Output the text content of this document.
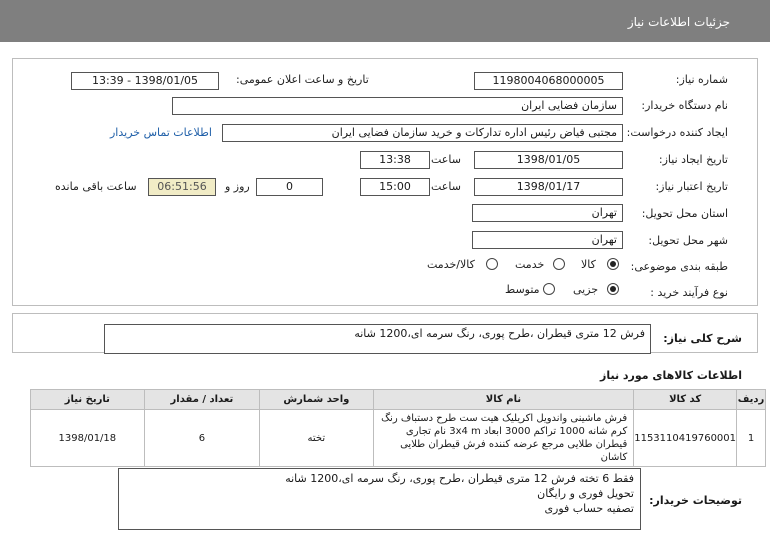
جزئیات اطلاعات نیاز
شماره نیاز:
1198004068000005
تاریخ و ساعت اعلان عمومی:
1398/01/05 - 13:39
نام دستگاه خریدار:
سازمان فضایی ایران
ایجاد کننده درخواست:
مجتبی فیاض رئیس اداره تداركات و خرید سازمان فضایی ایران
اطلاعات تماس خریدار
تاریخ ایجاد نیاز:
1398/01/05
ساعت
13:38
تاریخ اعتبار نیاز:
1398/01/17
ساعت
15:00
0
روز و
06:51:56
ساعت باقی مانده
استان محل تحویل:
تهران
شهر محل تحویل:
تهران
طبقه بندی موضوعی:
کالا
خدمت
کالا/خدمت
نوع فرآیند خرید :
جزیی
متوسط
شرح کلی نیاز:
فرش 12 متری قیطران ،طرح پوری، رنگ سرمه ای،1200 شانه
اطلاعات کالاهای مورد نیاز
ردیف	کد کالا	نام کالا	واحد شمارش	تعداد / مقدار	تاریخ نیاز
1	1153110419760001	فرش ماشینی واندویل اکریلیک هیت ست طرح دستباف رنگ کرم شانه 1000 تراکم 3000 ابعاد 3x4 m نام تجاری قیطران طلایی مرجع عرضه کننده فرش قیطران طلایی کاشان	تخته	6	1398/01/18
توضیحات خریدار:
فقط 6 تخته فرش 12 متری قیطران ،طرح پوری، رنگ سرمه ای،1200 شانه
تحویل فوری و رایگان
تصفیه حساب فوری
